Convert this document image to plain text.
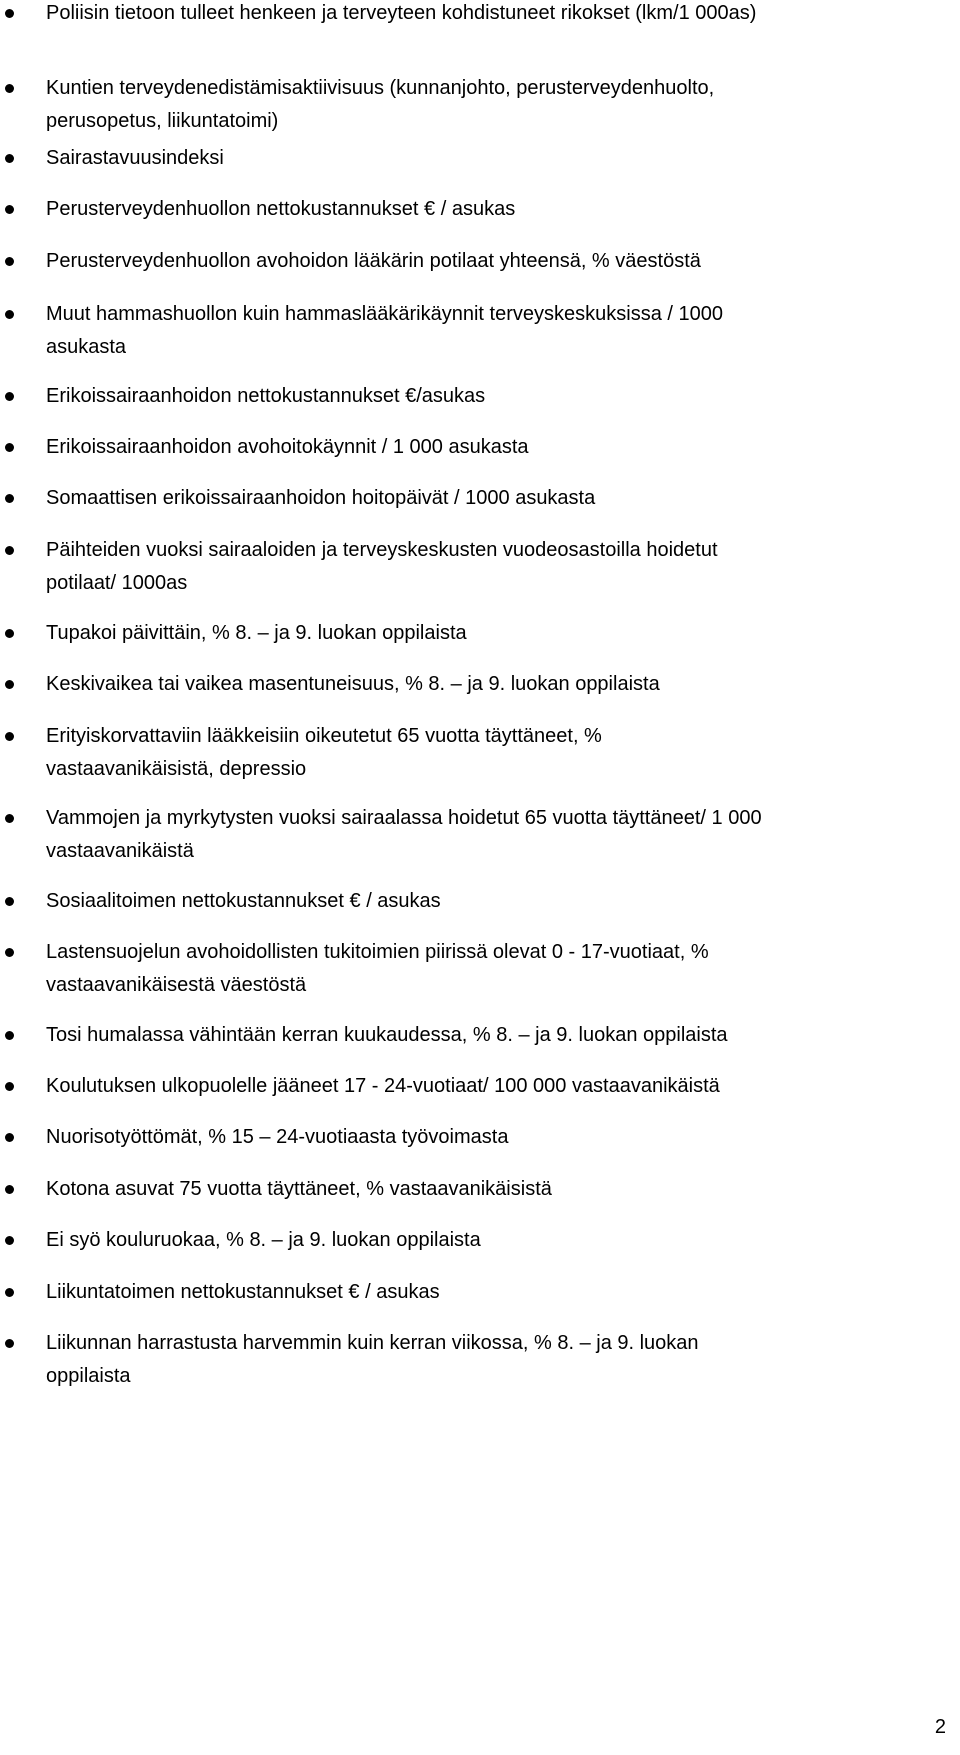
Poliisin tietoon tulleet henkeen ja terveyteen kohdistuneet rikokset (lkm/1 000as)
Kuntien terveydenedistämisaktiivisuus (kunnanjohto, perusterveydenhuolto,
perusopetus, liikuntatoimi)
Sairastavuusindeksi
Perusterveydenhuollon nettokustannukset € / asukas
Perusterveydenhuollon avohoidon lääkärin potilaat yhteensä, % väestöstä
Muut hammashuollon kuin hammaslääkärikäynnit terveyskeskuksissa / 1000
asukasta
Erikoissairaanhoidon nettokustannukset €/asukas
Erikoissairaanhoidon avohoitokäynnit / 1 000 asukasta
Somaattisen erikoissairaanhoidon hoitopäivät / 1000 asukasta
Päihteiden vuoksi sairaaloiden ja terveyskeskusten vuodeosastoilla hoidetut
potilaat/ 1000as
Tupakoi päivittäin, % 8. – ja 9. luokan oppilaista
Keskivaikea tai vaikea masentuneisuus, % 8. – ja 9. luokan oppilaista
Erityiskorvattaviin lääkkeisiin oikeutetut 65 vuotta täyttäneet, %
vastaavanikäisistä, depressio
Vammojen ja myrkytysten vuoksi sairaalassa hoidetut 65 vuotta täyttäneet/ 1 000
vastaavanikäistä
Sosiaalitoimen nettokustannukset € / asukas
Lastensuojelun avohoidollisten tukitoimien piirissä olevat 0 - 17-vuotiaat, %
vastaavanikäisestä väestöstä
Tosi humalassa vähintään kerran kuukaudessa, % 8. – ja 9. luokan oppilaista
Koulutuksen ulkopuolelle jääneet 17 - 24-vuotiaat/ 100 000 vastaavanikäistä
Nuorisotyöttömät, % 15 – 24-vuotiaasta työvoimasta
Kotona asuvat 75 vuotta täyttäneet, % vastaavanikäisistä
Ei syö kouluruokaa, % 8. – ja 9. luokan oppilaista
Liikuntatoimen nettokustannukset € / asukas
Liikunnan harrastusta harvemmin kuin kerran viikossa, % 8. – ja 9. luokan
oppilaista
2
